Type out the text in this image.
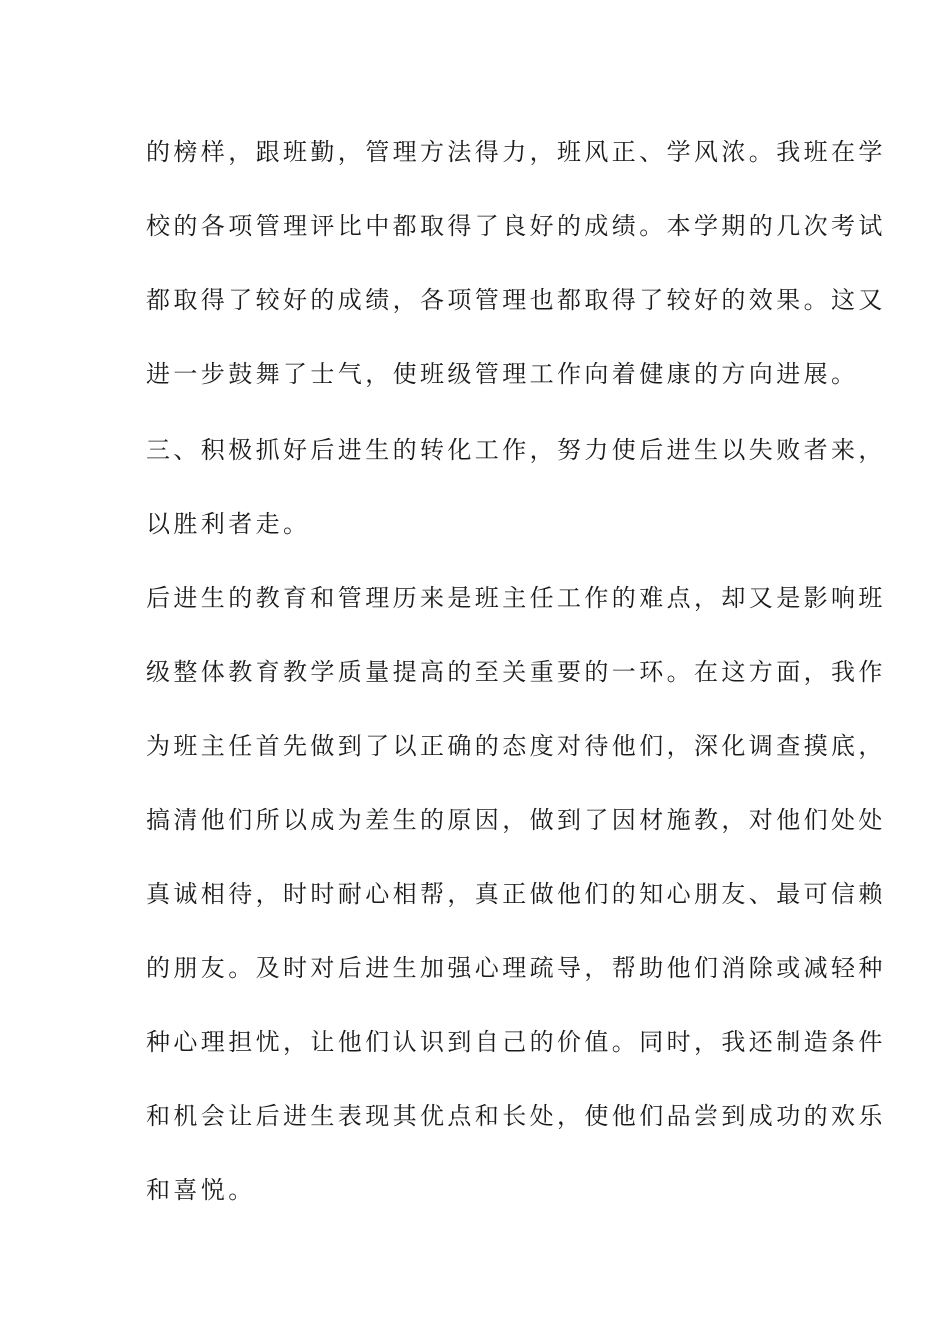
的榜样，跟班勤，管理方法得力，班风正、学风浓。我班在学

校的各项管理评比中都取得了良好的成绩。本学期的几次考试

都取得了较好的成绩，各项管理也都取得了较好的效果。这又

进一步鼓舞了士气，使班级管理工作向着健康的方向进展。

三、积极抓好后进生的转化工作，努力使后进生以失败者来，

以胜利者走。

后进生的教育和管理历来是班主任工作的难点，却又是影响班

级整体教育教学质量提高的至关重要的一环。在这方面，我作

为班主任首先做到了以正确的态度对待他们，深化调查摸底，

搞清他们所以成为差生的原因，做到了因材施教，对他们处处

真诚相待，时时耐心相帮，真正做他们的知心朋友、最可信赖

的朋友。及时对后进生加强心理疏导，帮助他们消除或减轻种

种心理担忧，让他们认识到自己的价值。同时，我还制造条件

和机会让后进生表现其优点和长处，使他们品尝到成功的欢乐

和喜悦。
